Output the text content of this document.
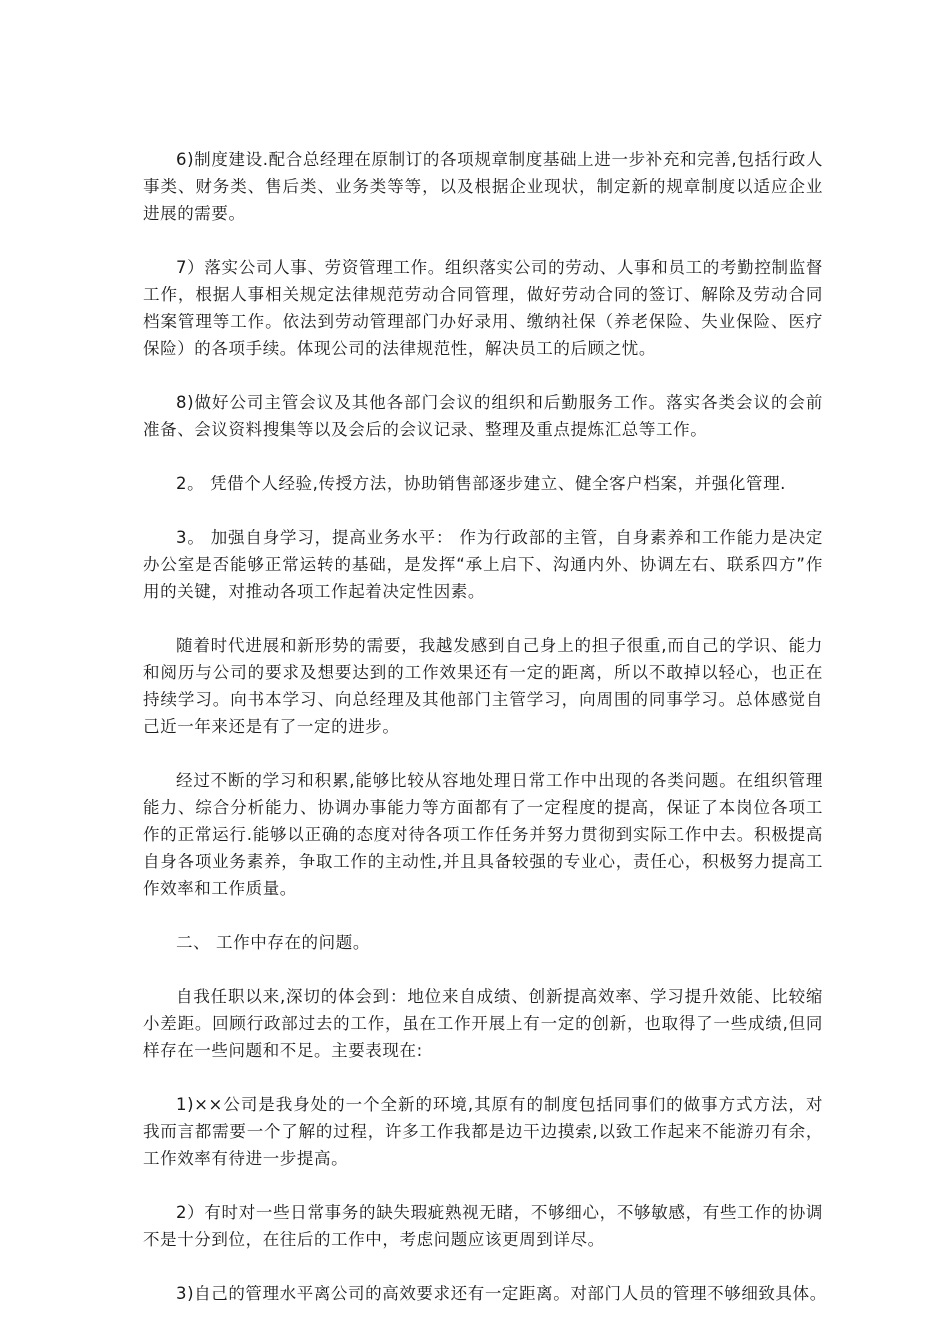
6)制度建设.配合总经理在原制订的各项规章制度基础上进一步补充和完善,包括行政人事类、财务类、售后类、业务类等等，以及根据企业现状，制定新的规章制度以适应企业进展的需要。

7）落实公司人事、劳资管理工作。组织落实公司的劳动、人事和员工的考勤控制监督工作，根据人事相关规定法律规范劳动合同管理，做好劳动合同的签订、解除及劳动合同档案管理等工作。依法到劳动管理部门办好录用、缴纳社保（养老保险、失业保险、医疗保险）的各项手续。体现公司的法律规范性，解决员工的后顾之忧。

8)做好公司主管会议及其他各部门会议的组织和后勤服务工作。落实各类会议的会前准备、会议资料搜集等以及会后的会议记录、整理及重点提炼汇总等工作。

2。 凭借个人经验,传授方法，协助销售部逐步建立、健全客户档案，并强化管理.

3。 加强自身学习，提高业务水平： 作为行政部的主管，自身素养和工作能力是决定办公室是否能够正常运转的基础，是发挥“承上启下、沟通内外、协调左右、联系四方”作用的关键，对推动各项工作起着决定性因素。

随着时代进展和新形势的需要，我越发感到自己身上的担子很重,而自己的学识、能力和阅历与公司的要求及想要达到的工作效果还有一定的距离，所以不敢掉以轻心，也正在持续学习。向书本学习、向总经理及其他部门主管学习，向周围的同事学习。总体感觉自己近一年来还是有了一定的进步。

经过不断的学习和积累,能够比较从容地处理日常工作中出现的各类问题。在组织管理能力、综合分析能力、协调办事能力等方面都有了一定程度的提高，保证了本岗位各项工作的正常运行.能够以正确的态度对待各项工作任务并努力贯彻到实际工作中去。积极提高自身各项业务素养，争取工作的主动性,并且具备较强的专业心，责任心，积极努力提高工作效率和工作质量。

二、 工作中存在的问题。

自我任职以来,深切的体会到：地位来自成绩、创新提高效率、学习提升效能、比较缩小差距。回顾行政部过去的工作，虽在工作开展上有一定的创新，也取得了一些成绩,但同样存在一些问题和不足。主要表现在:

1)××公司是我身处的一个全新的环境,其原有的制度包括同事们的做事方式方法，对我而言都需要一个了解的过程，许多工作我都是边干边摸索,以致工作起来不能游刃有余，工作效率有待进一步提高。

2）有时对一些日常事务的缺失瑕疵熟视无睹，不够细心，不够敏感，有些工作的协调不是十分到位，在往后的工作中，考虑问题应该更周到详尽。

3)自己的管理水平离公司的高效要求还有一定距离。对部门人员的管理不够细致具体。
